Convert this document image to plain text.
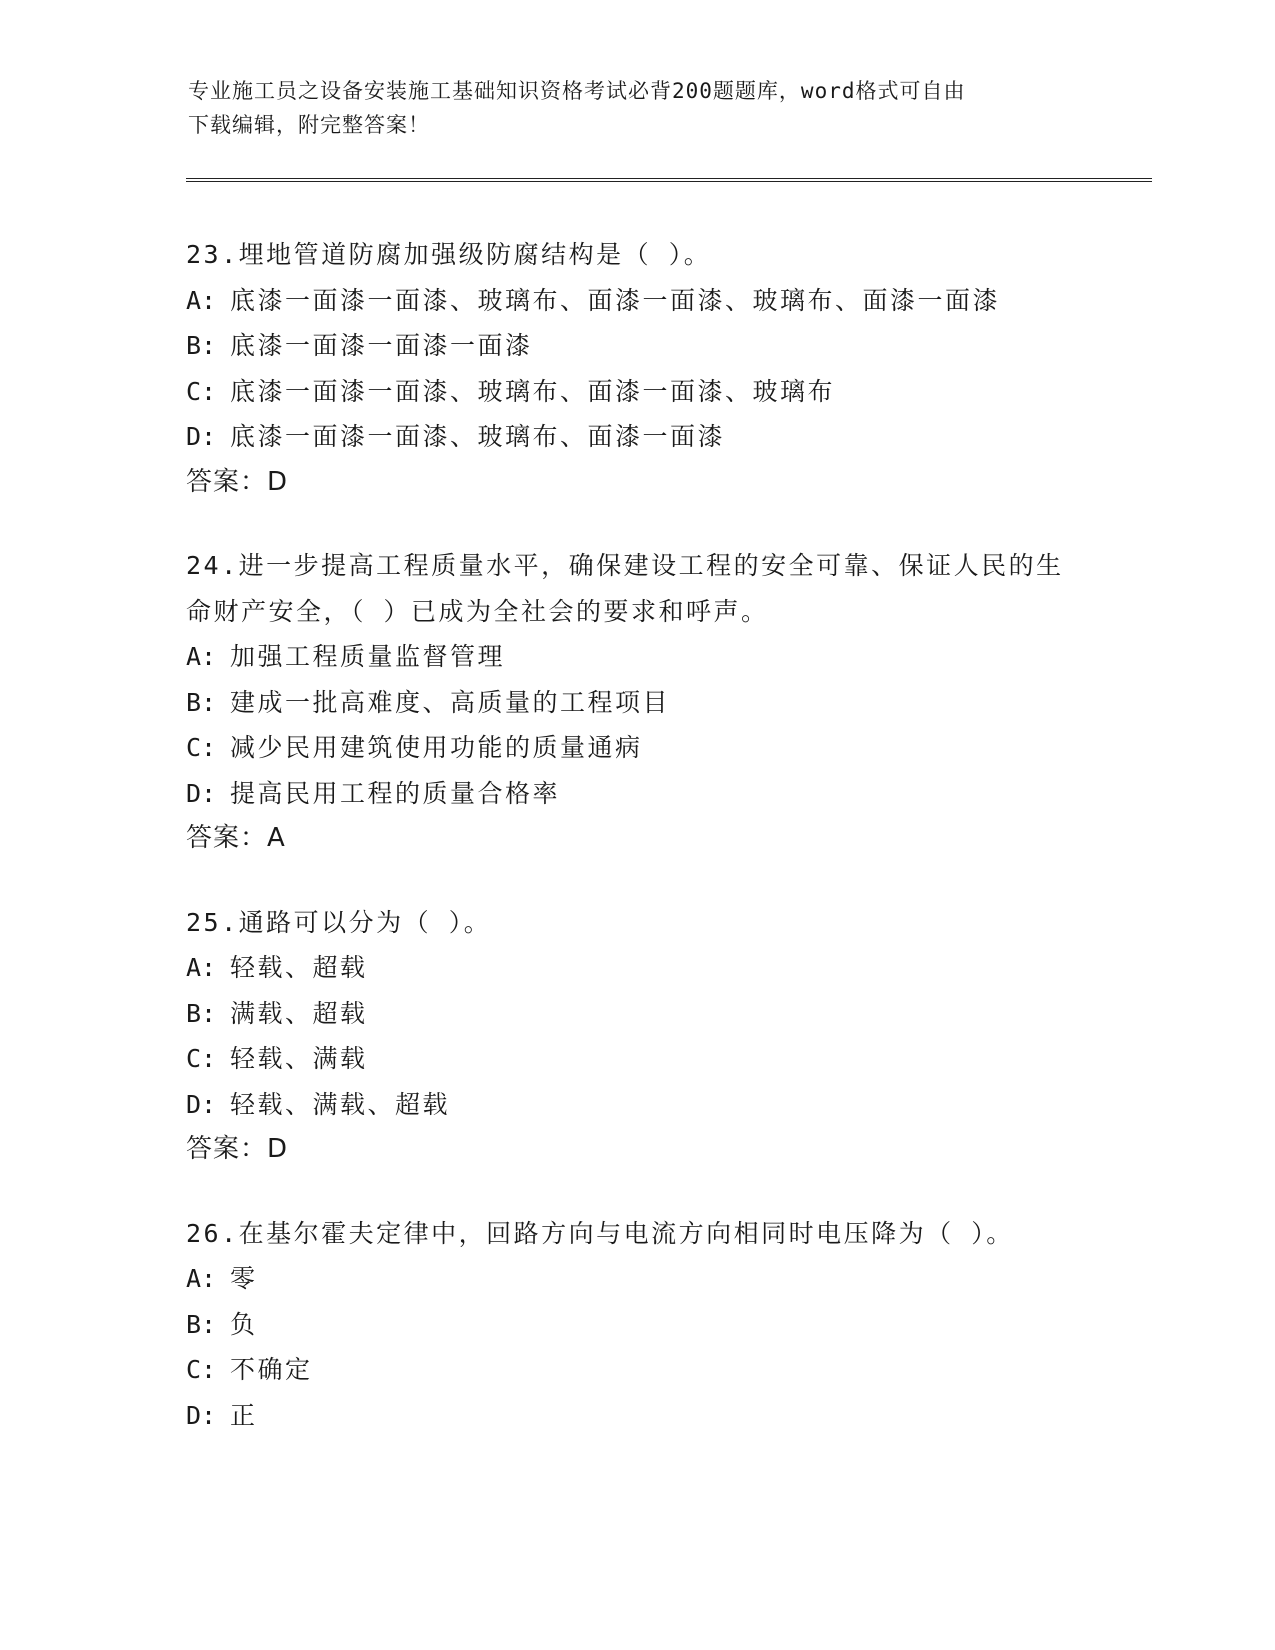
专业施工员之设备安装施工基础知识资格考试必背200题题库，word格式可自由
下载编辑，附完整答案！
23.埋地管道防腐加强级防腐结构是（ ）。
A: 底漆一面漆一面漆、玻璃布、面漆一面漆、玻璃布、面漆一面漆
B: 底漆一面漆一面漆一面漆
C: 底漆一面漆一面漆、玻璃布、面漆一面漆、玻璃布
D: 底漆一面漆一面漆、玻璃布、面漆一面漆
答案：D
24.进一步提高工程质量水平，确保建设工程的安全可靠、保证人民的生命财产安全，（ ）已成为全社会的要求和呼声。
A: 加强工程质量监督管理
B: 建成一批高难度、高质量的工程项目
C: 减少民用建筑使用功能的质量通病
D: 提高民用工程的质量合格率
答案：A
25.通路可以分为（ ）。
A: 轻载、超载
B: 满载、超载
C: 轻载、满载
D: 轻载、满载、超载
答案：D
26.在基尔霍夫定律中，回路方向与电流方向相同时电压降为（ ）。
A: 零
B: 负
C: 不确定
D: 正
